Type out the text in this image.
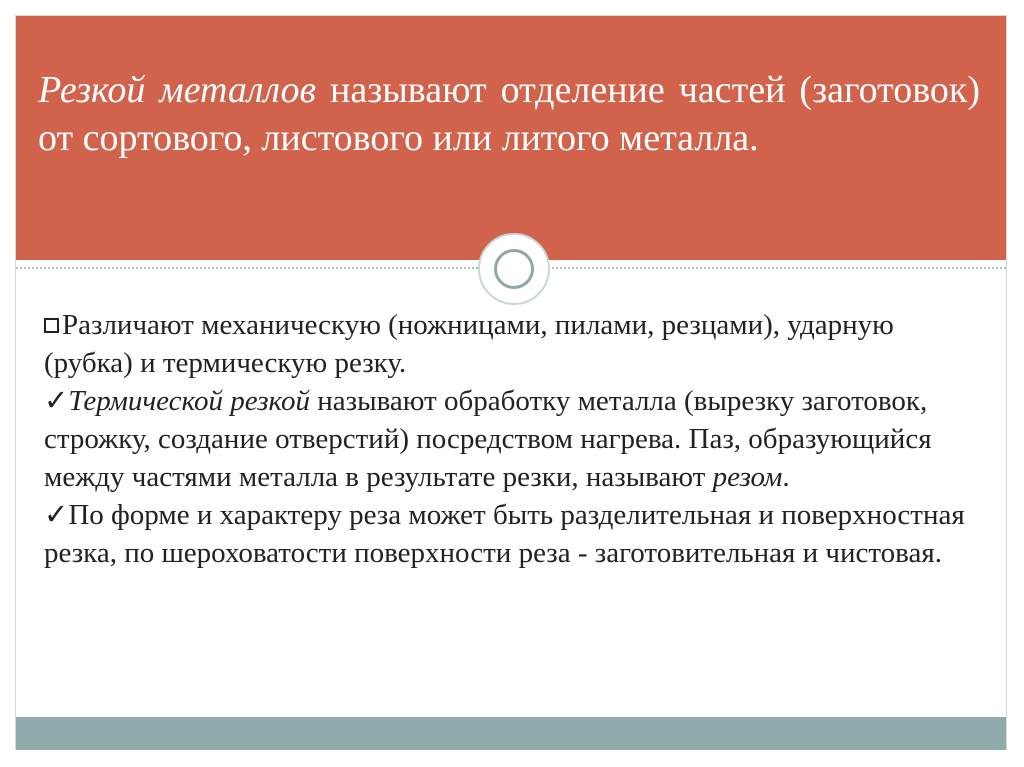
Резкой металлов называют отделение частей (заготовок) от сортового, листового или литого металла.

Различают механическую (ножницами, пилами, резцами), ударную (рубка) и термическую резку.

✓Термической резкой называют обработку металла (вырезку заготовок, строжку, создание отверстий) посредством нагрева. Паз, образующийся между частями металла в результате резки, называют резом.

✓По форме и характеру реза может быть разделительная и поверхностная резка, по шероховатости поверхности реза - заготовительная и чистовая.
